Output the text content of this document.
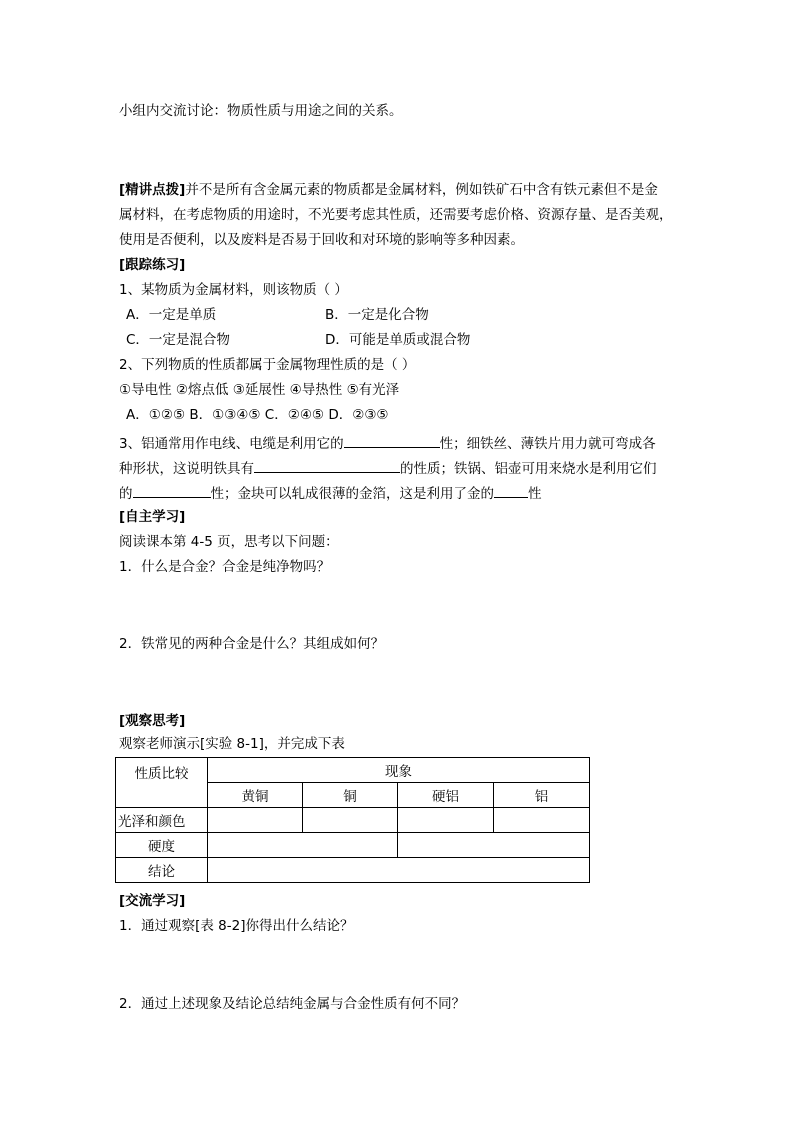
小组内交流讨论：物质性质与用途之间的关系。
[精讲点拨]并不是所有含金属元素的物质都是金属材料，例如铁矿石中含有铁元素但不是金
属材料，在考虑物质的用途时，不光要考虑其性质，还需要考虑价格、资源存量、是否美观，
使用是否便利，以及废料是否易于回收和对环境的影响等多种因素。
[跟踪练习]
1、某物质为金属材料，则该物质（ ）
A．一定是单质	B．一定是化合物
C．一定是混合物	D．可能是单质或混合物
2、下列物质的性质都属于金属物理性质的是（ ）
①导电性 ②熔点低 ③延展性 ④导热性 ⑤有光泽
A．①②⑤ B．①③④⑤ C．②④⑤ D．②③⑤
3、铝通常用作电线、电缆是利用它的	性；细铁丝、薄铁片用力就可弯成各
种形状，这说明铁具有	的性质；铁锅、铝壶可用来烧水是利用它们
的	性；金块可以轧成很薄的金箔，这是利用了金的	性
[自主学习]
阅读课本第 4-5 页，思考以下问题：
1．什么是合金？合金是纯净物吗？
2．铁常见的两种合金是什么？其组成如何？
[观察思考]
观察老师演示[实验 8-1]，并完成下表
性质比较	现象			
	黄铜	铜	硬铝	铝
光泽和颜色				
硬度				
结论				
[交流学习]
1．通过观察[表 8-2]你得出什么结论？
2．通过上述现象及结论总结纯金属与合金性质有何不同？
